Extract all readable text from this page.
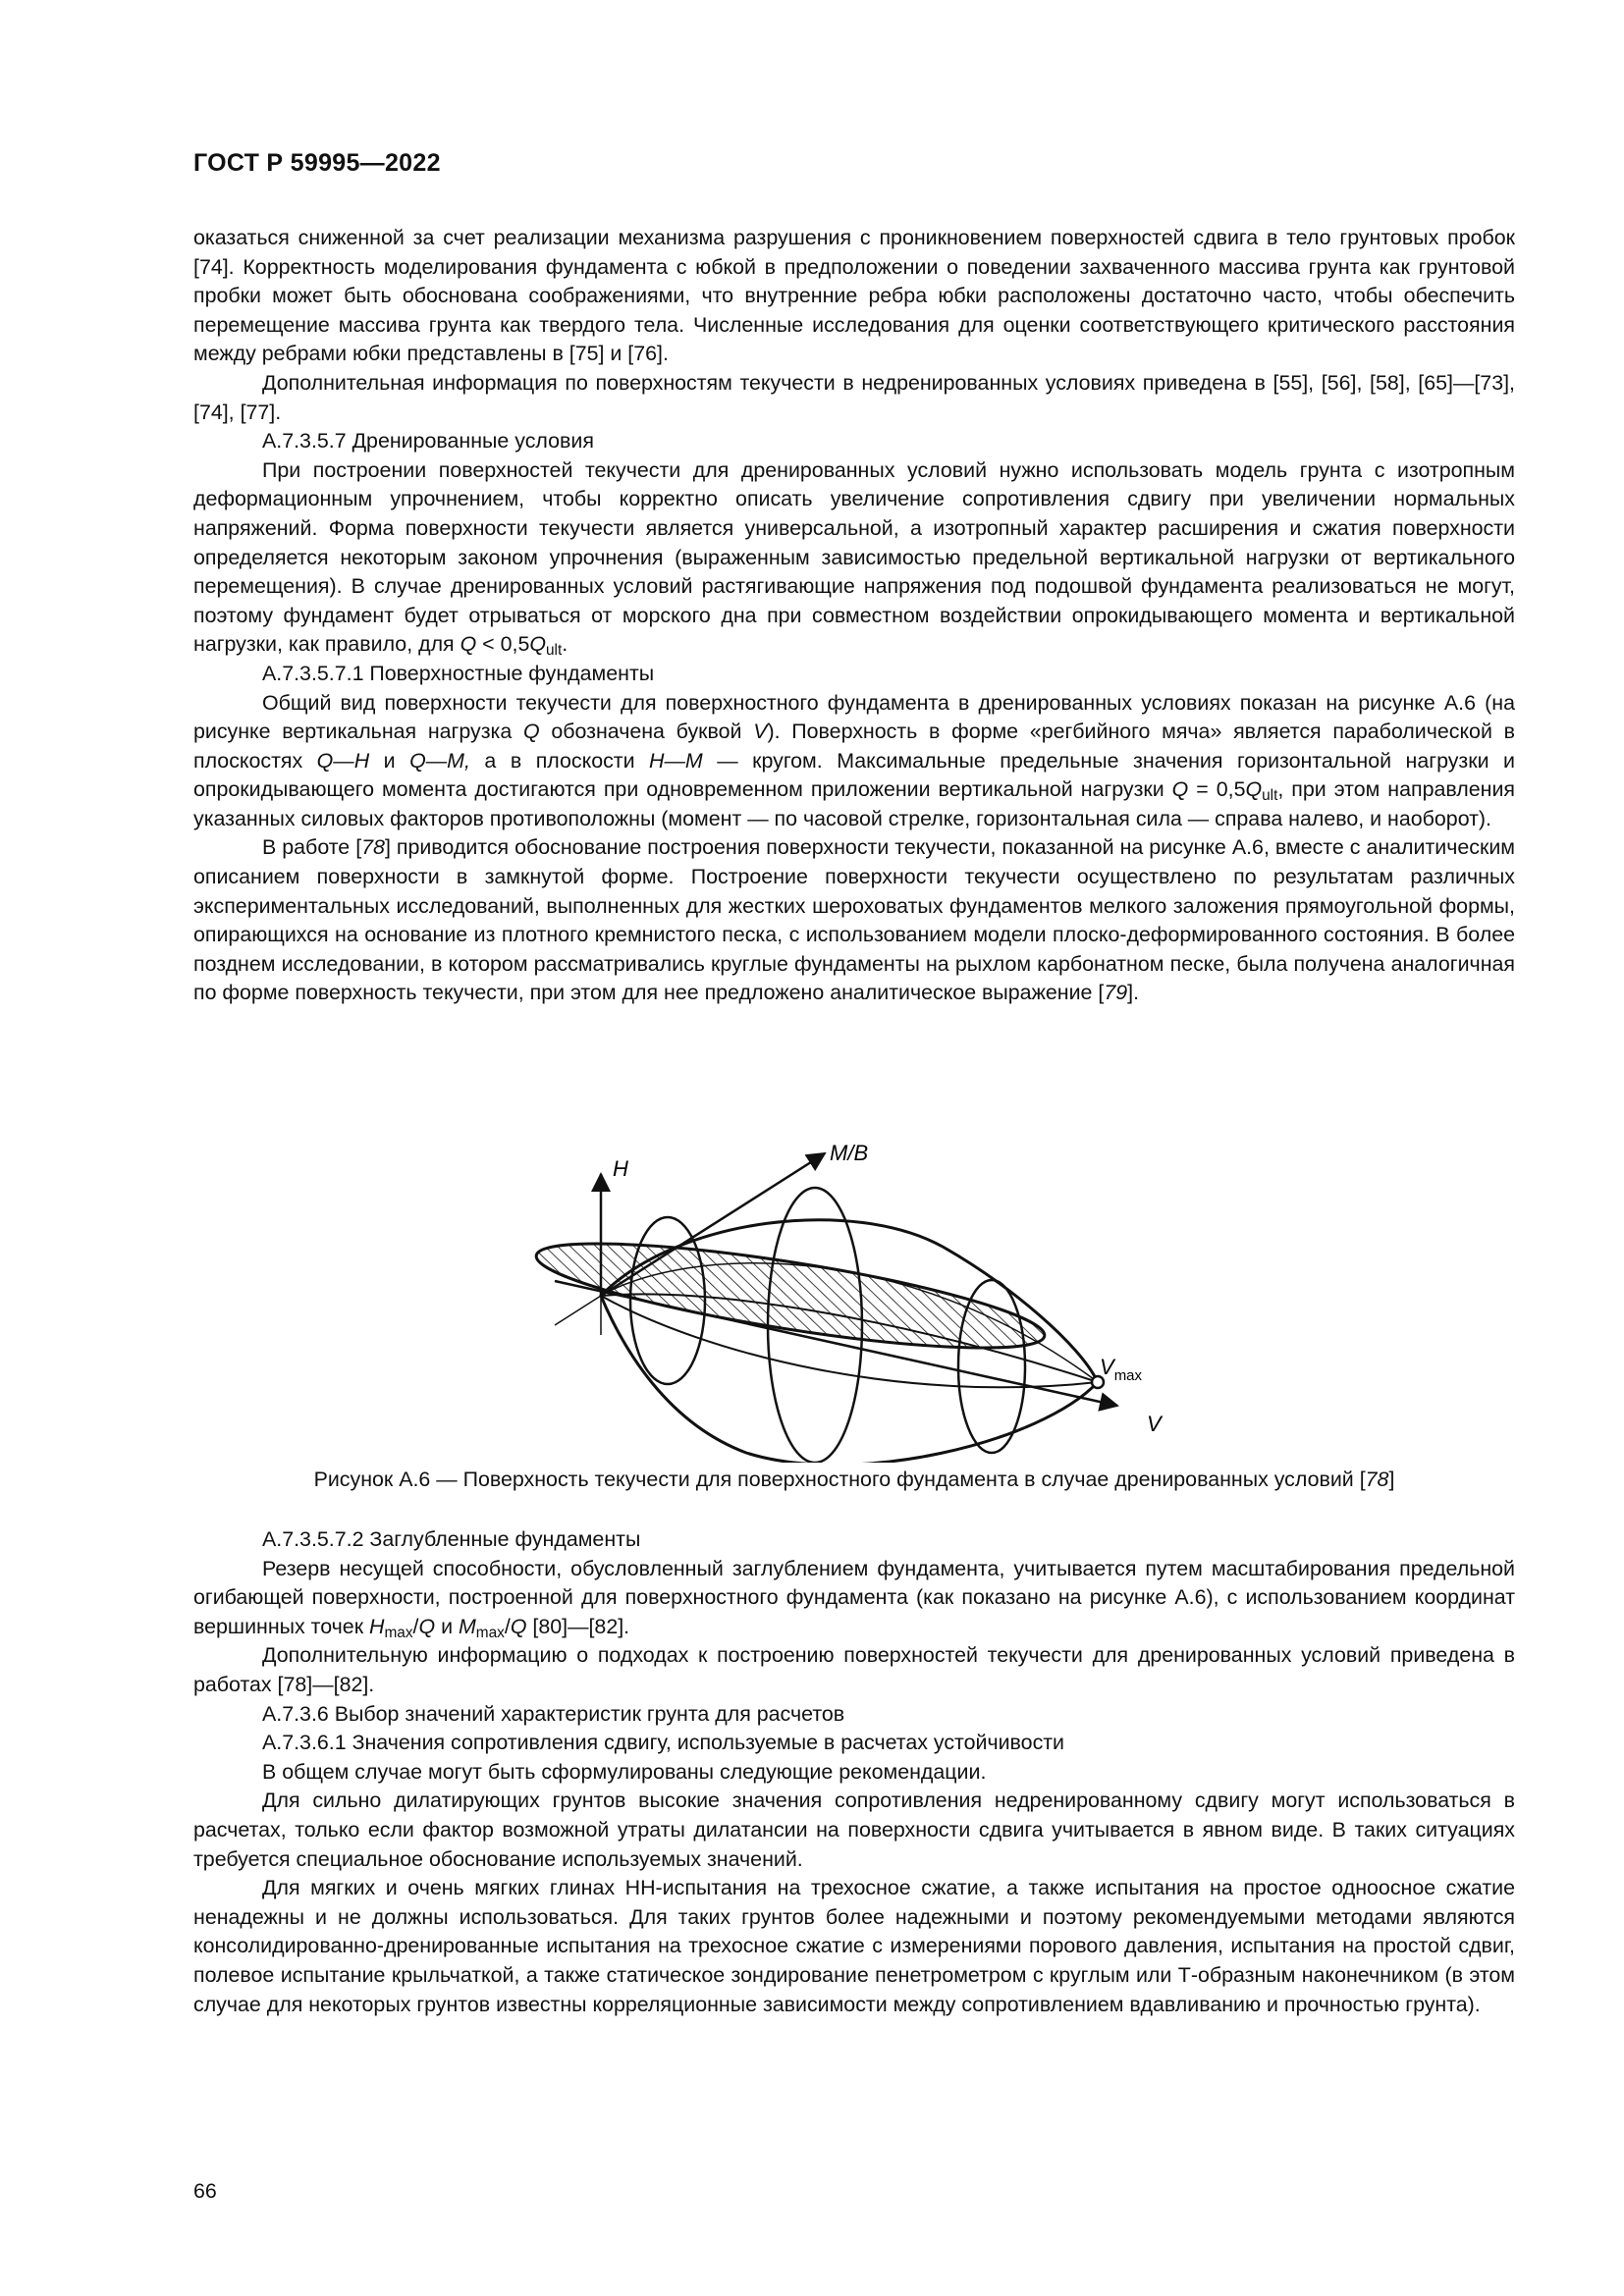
ГОСТ Р 59995—2022

оказаться сниженной за счет реализации механизма разрушения с проникновением поверхностей сдвига в тело грунтовых пробок [74]. Корректность моделирования фундамента с юбкой в предположении о поведении захваченного массива грунта как грунтовой пробки может быть обоснована соображениями, что внутренние ребра юбки расположены достаточно часто, чтобы обеспечить перемещение массива грунта как твердого тела. Численные исследования для оценки соответствующего критического расстояния между ребрами юбки представлены в [75] и [76].

Дополнительная информация по поверхностям текучести в недренированных условиях приведена в [55], [56], [58], [65]—[73], [74], [77].

А.7.3.5.7 Дренированные условия

При построении поверхностей текучести для дренированных условий нужно использовать модель грунта с изотропным деформационным упрочнением, чтобы корректно описать увеличение сопротивления сдвигу при увеличении нормальных напряжений. Форма поверхности текучести является универсальной, а изотропный характер расширения и сжатия поверхности определяется некоторым законом упрочнения (выраженным зависимостью предельной вертикальной нагрузки от вертикального перемещения). В случае дренированных условий растягивающие напряжения под подошвой фундамента реализоваться не могут, поэтому фундамент будет отрываться от морского дна при совместном воздействии опрокидывающего момента и вертикальной нагрузки, как правило, для $Q < 0,5Q_{ult}$.

А.7.3.5.7.1 Поверхностные фундаменты

Общий вид поверхности текучести для поверхностного фундамента в дренированных условиях показан на рисунке А.6 (на рисунке вертикальная нагрузка Q обозначена буквой V). Поверхность в форме «регбийного мяча» является параболической в плоскостях Q—H и Q—M, а в плоскости H—M — кругом. Максимальные предельные значения горизонтальной нагрузки и опрокидывающего момента достигаются при одновременном приложении вертикальной нагрузки $Q = 0,5Q_{ult}$, при этом направления указанных силовых факторов противоположны (момент — по часовой стрелке, горизонтальная сила — справа налево, и наоборот).

В работе [78] приводится обоснование построения поверхности текучести, показанной на рисунке А.6, вместе с аналитическим описанием поверхности в замкнутой форме. Построение поверхности текучести осуществлено по результатам различных экспериментальных исследований, выполненных для жестких шероховатых фундаментов мелкого заложения прямоугольной формы, опирающихся на основание из плотного кремнистого песка, с использованием модели плоско-деформированного состояния. В более позднем исследовании, в котором рассматривались круглые фундаменты на рыхлом карбонатном песке, была получена аналогичная по форме поверхность текучести, при этом для нее предложено аналитическое выражение [79].

H
M/B
$V_{max}$
V
Рисунок А.6 — Поверхность текучести для поверхностного фундамента в случае дренированных условий [78]

А.7.3.5.7.2 Заглубленные фундаменты

Резерв несущей способности, обусловленный заглублением фундамента, учитывается путем масштабирования предельной огибающей поверхности, построенной для поверхностного фундамента (как показано на рисунке А.6), с использованием координат вершинных точек $H_{max}/Q$ и $M_{max}/Q$ [80]—[82].

Дополнительную информацию о подходах к построению поверхностей текучести для дренированных условий приведена в работах [78]—[82].

А.7.3.6 Выбор значений характеристик грунта для расчетов

А.7.3.6.1 Значения сопротивления сдвигу, используемые в расчетах устойчивости

В общем случае могут быть сформулированы следующие рекомендации.

Для сильно дилатирующих грунтов высокие значения сопротивления недренированному сдвигу могут использоваться в расчетах, только если фактор возможной утраты дилатансии на поверхности сдвига учитывается в явном виде. В таких ситуациях требуется специальное обоснование используемых значений.

Для мягких и очень мягких глинах НН-испытания на трехосное сжатие, а также испытания на простое одноосное сжатие ненадежны и не должны использоваться. Для таких грунтов более надежными и поэтому рекомендуемыми методами являются консолидированно-дренированные испытания на трехосное сжатие с измерениями порового давления, испытания на простой сдвиг, полевое испытание крыльчаткой, а также статическое зондирование пенетрометром с круглым или Т-образным наконечником (в этом случае для некоторых грунтов известны корреляционные зависимости между сопротивлением вдавливанию и прочностью грунта).

66
